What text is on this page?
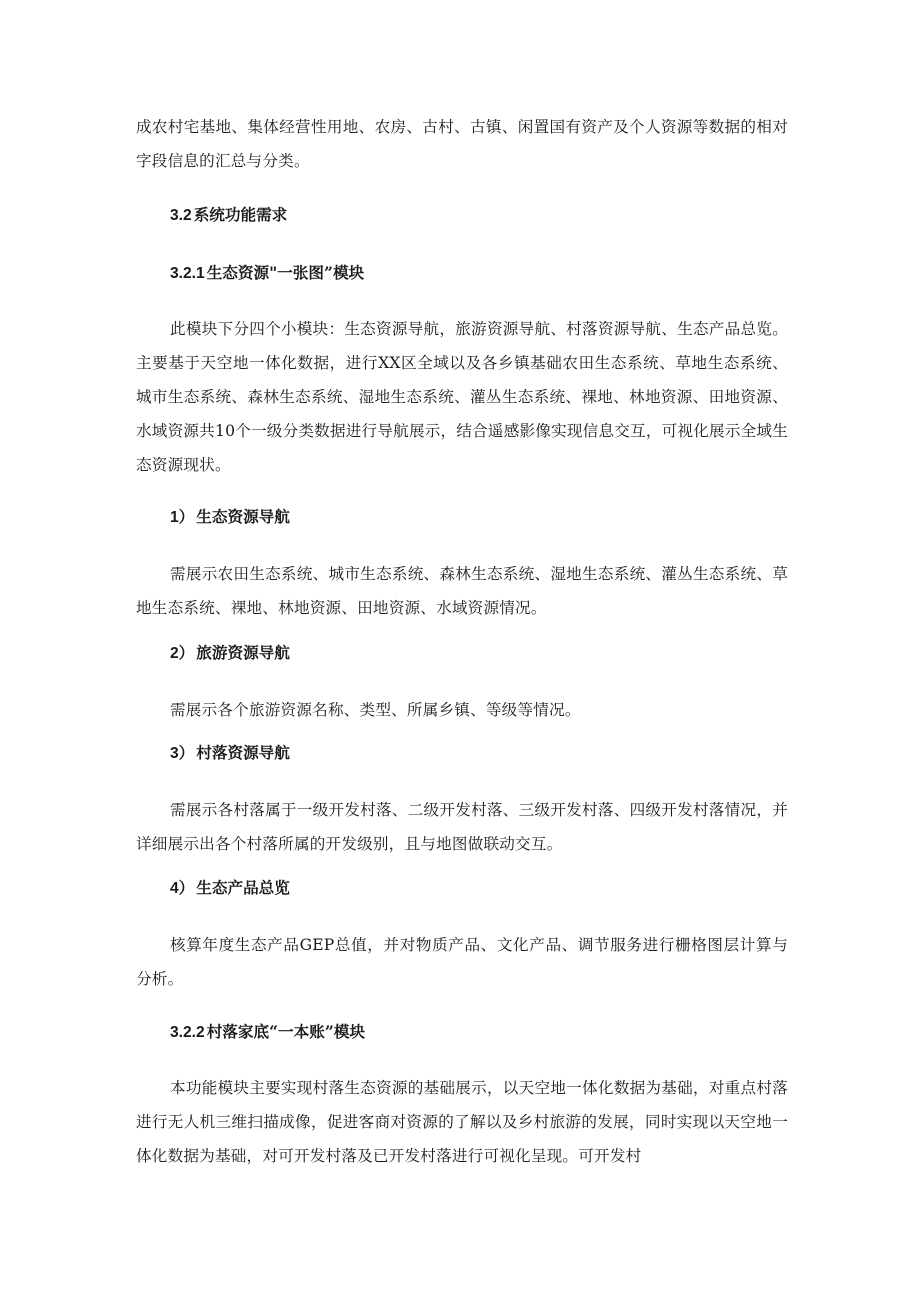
成农村宅基地、集体经营性用地、农房、古村、古镇、闲置国有资产及个人资源等数据的相对字段信息的汇总与分类。

3.2 系统功能需求
3.2.1 生态资源"一张图”模块

此模块下分四个小模块：生态资源导航，旅游资源导航、村落资源导航、生态产品总览。主要基于天空地一体化数据，进行XX区全域以及各乡镇基础农田生态系统、草地生态系统、城市生态系统、森林生态系统、湿地生态系统、灌丛生态系统、裸地、林地资源、田地资源、水域资源共10个一级分类数据进行导航展示，结合遥感影像实现信息交互，可视化展示全域生态资源现状。

1） 生态资源导航

需展示农田生态系统、城市生态系统、森林生态系统、湿地生态系统、灌丛生态系统、草地生态系统、裸地、林地资源、田地资源、水域资源情况。

2） 旅游资源导航

需展示各个旅游资源名称、类型、所属乡镇、等级等情况。

3） 村落资源导航

需展示各村落属于一级开发村落、二级开发村落、三级开发村落、四级开发村落情况，并详细展示出各个村落所属的开发级别，且与地图做联动交互。

4） 生态产品总览

核算年度生态产品GEP总值，并对物质产品、文化产品、调节服务进行栅格图层计算与分析。

3.2.2 村落家底“一本账”模块

本功能模块主要实现村落生态资源的基础展示，以天空地一体化数据为基础，对重点村落进行无人机三维扫描成像，促进客商对资源的了解以及乡村旅游的发展，同时实现以天空地一体化数据为基础，对可开发村落及已开发村落进行可视化呈现。可开发村
